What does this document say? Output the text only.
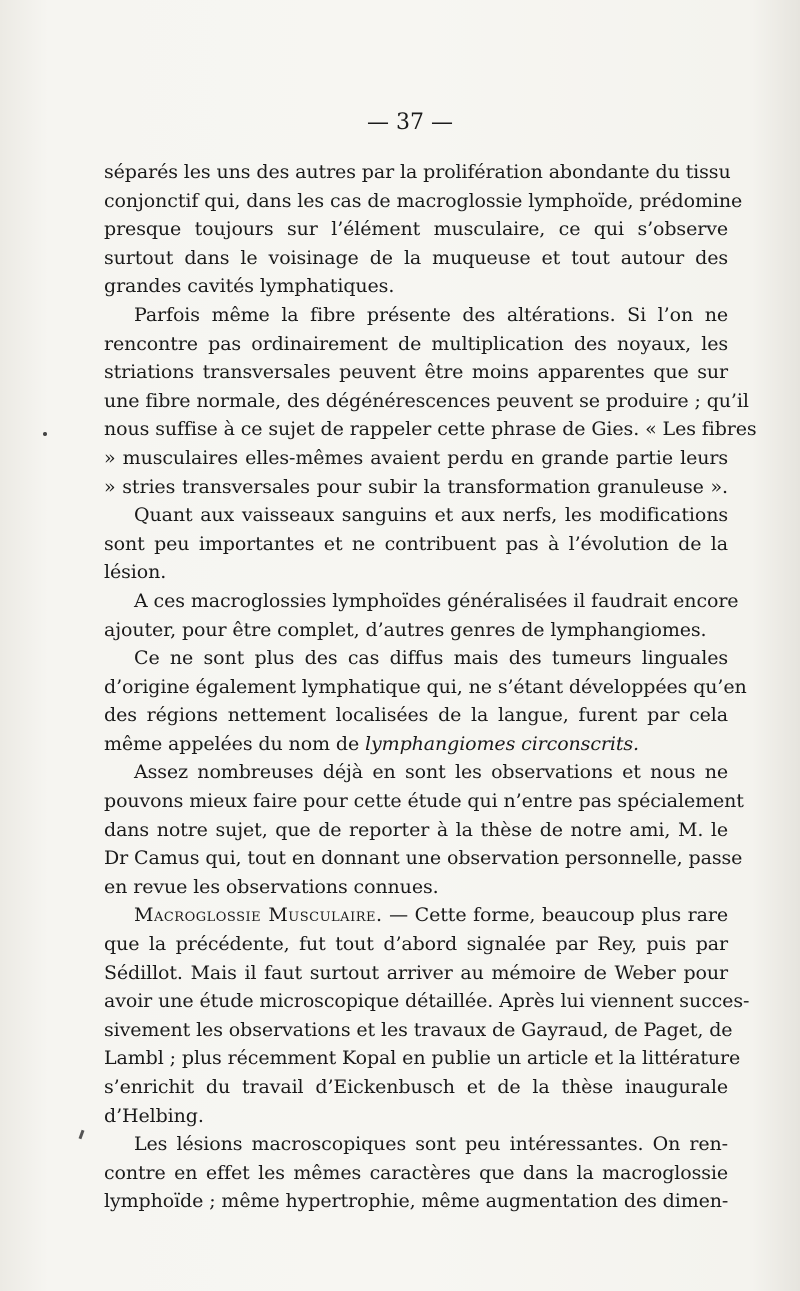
— 37 —
séparés les uns des autres par la prolifération abondante du tissu
conjonctif qui, dans les cas de macroglossie lymphoïde, prédomine
presque toujours sur l’élément musculaire, ce qui s’observe
surtout dans le voisinage de la muqueuse et tout autour des
grandes cavités lymphatiques.
Parfois même la fibre présente des altérations. Si l’on ne
rencontre pas ordinairement de multiplication des noyaux, les
striations transversales peuvent être moins apparentes que sur
une fibre normale, des dégénérescences peuvent se produire ; qu’il
nous suffise à ce sujet de rappeler cette phrase de Gies. « Les fibres
» musculaires elles-mêmes avaient perdu en grande partie leurs
» stries transversales pour subir la transformation granuleuse ».
Quant aux vaisseaux sanguins et aux nerfs, les modifications
sont peu importantes et ne contribuent pas à l’évolution de la
lésion.
A ces macroglossies lymphoïdes généralisées il faudrait encore
ajouter, pour être complet, d’autres genres de lymphangiomes.
Ce ne sont plus des cas diffus mais des tumeurs linguales
d’origine également lymphatique qui, ne s’étant développées qu’en
des régions nettement localisées de la langue, furent par cela
même appelées du nom de lymphangiomes circonscrits.
Assez nombreuses déjà en sont les observations et nous ne
pouvons mieux faire pour cette étude qui n’entre pas spécialement
dans notre sujet, que de reporter à la thèse de notre ami, M. le
Dr Camus qui, tout en donnant une observation personnelle, passe
en revue les observations connues.
Macroglossie Musculaire. — Cette forme, beaucoup plus rare
que la précédente, fut tout d’abord signalée par Rey, puis par
Sédillot. Mais il faut surtout arriver au mémoire de Weber pour
avoir une étude microscopique détaillée. Après lui viennent succes-
sivement les observations et les travaux de Gayraud, de Paget, de
Lambl ; plus récemment Kopal en publie un article et la littérature
s’enrichit du travail d’Eickenbusch et de la thèse inaugurale
d’Helbing.
Les lésions macroscopiques sont peu intéressantes. On ren-
contre en effet les mêmes caractères que dans la macroglossie
lymphoïde ; même hypertrophie, même augmentation des dimen-
